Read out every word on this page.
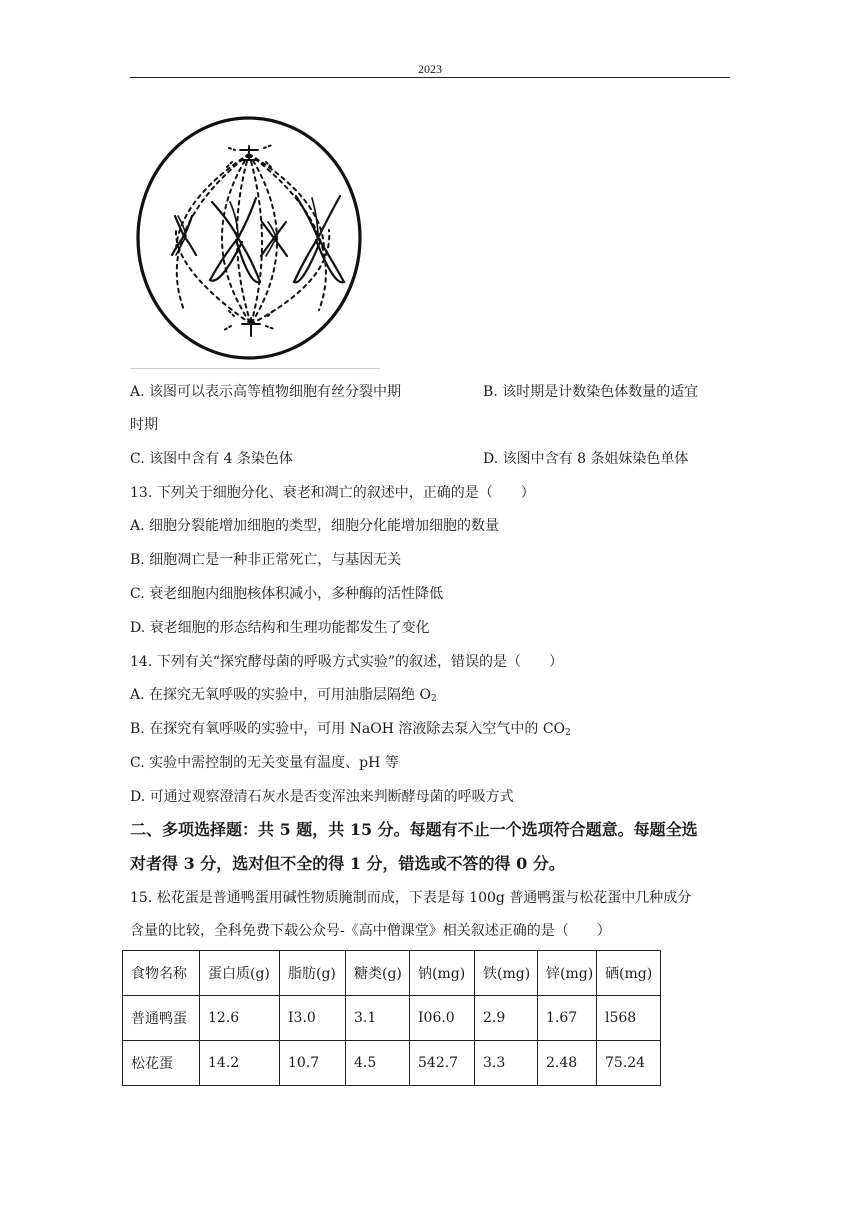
2023
A. 该图可以表示高等植物细胞有丝分裂中期	B. 该时期是计数染色体数量的适宜
时期
C. 该图中含有 4 条染色体	D. 该图中含有 8 条姐妹染色单体
13. 下列关于细胞分化、衰老和凋亡的叙述中，正确的是（　　）
A. 细胞分裂能增加细胞的类型，细胞分化能增加细胞的数量
B. 细胞凋亡是一种非正常死亡，与基因无关
C. 衰老细胞内细胞核体积减小，多种酶的活性降低
D. 衰老细胞的形态结构和生理功能都发生了变化
14. 下列有关“探究酵母菌的呼吸方式实验”的叙述，错误的是（　　）
A. 在探究无氧呼吸的实验中，可用油脂层隔绝 $O_2$
B. 在探究有氧呼吸的实验中，可用 NaOH 溶液除去泵入空气中的 $CO_2$
C. 实验中需控制的无关变量有温度、pH 等
D. 可通过观察澄清石灰水是否变浑浊来判断酵母菌的呼吸方式
二、多项选择题：共 5 题，共 15 分。每题有不止一个选项符合题意。每题全选
对者得 3 分，选对但不全的得 1 分，错选或不答的得 0 分。
15. 松花蛋是普通鸭蛋用碱性物质腌制而成，下表是每 100g 普通鸭蛋与松花蛋中几种成分
含量的比较，全科免费下载公众号-《高中僧课堂》相关叙述正确的是（　　）
食物名称	蛋白质(g)	脂肪(g)	糖类(g)	钠(mg)	铁(mg)	锌(mg)	硒(mg)
普通鸭蛋	12.6	I3.0	3.1	I06.0	2.9	1.67	l568
松花蛋	14.2	10.7	4.5	542.7	3.3	2.48	75.24
